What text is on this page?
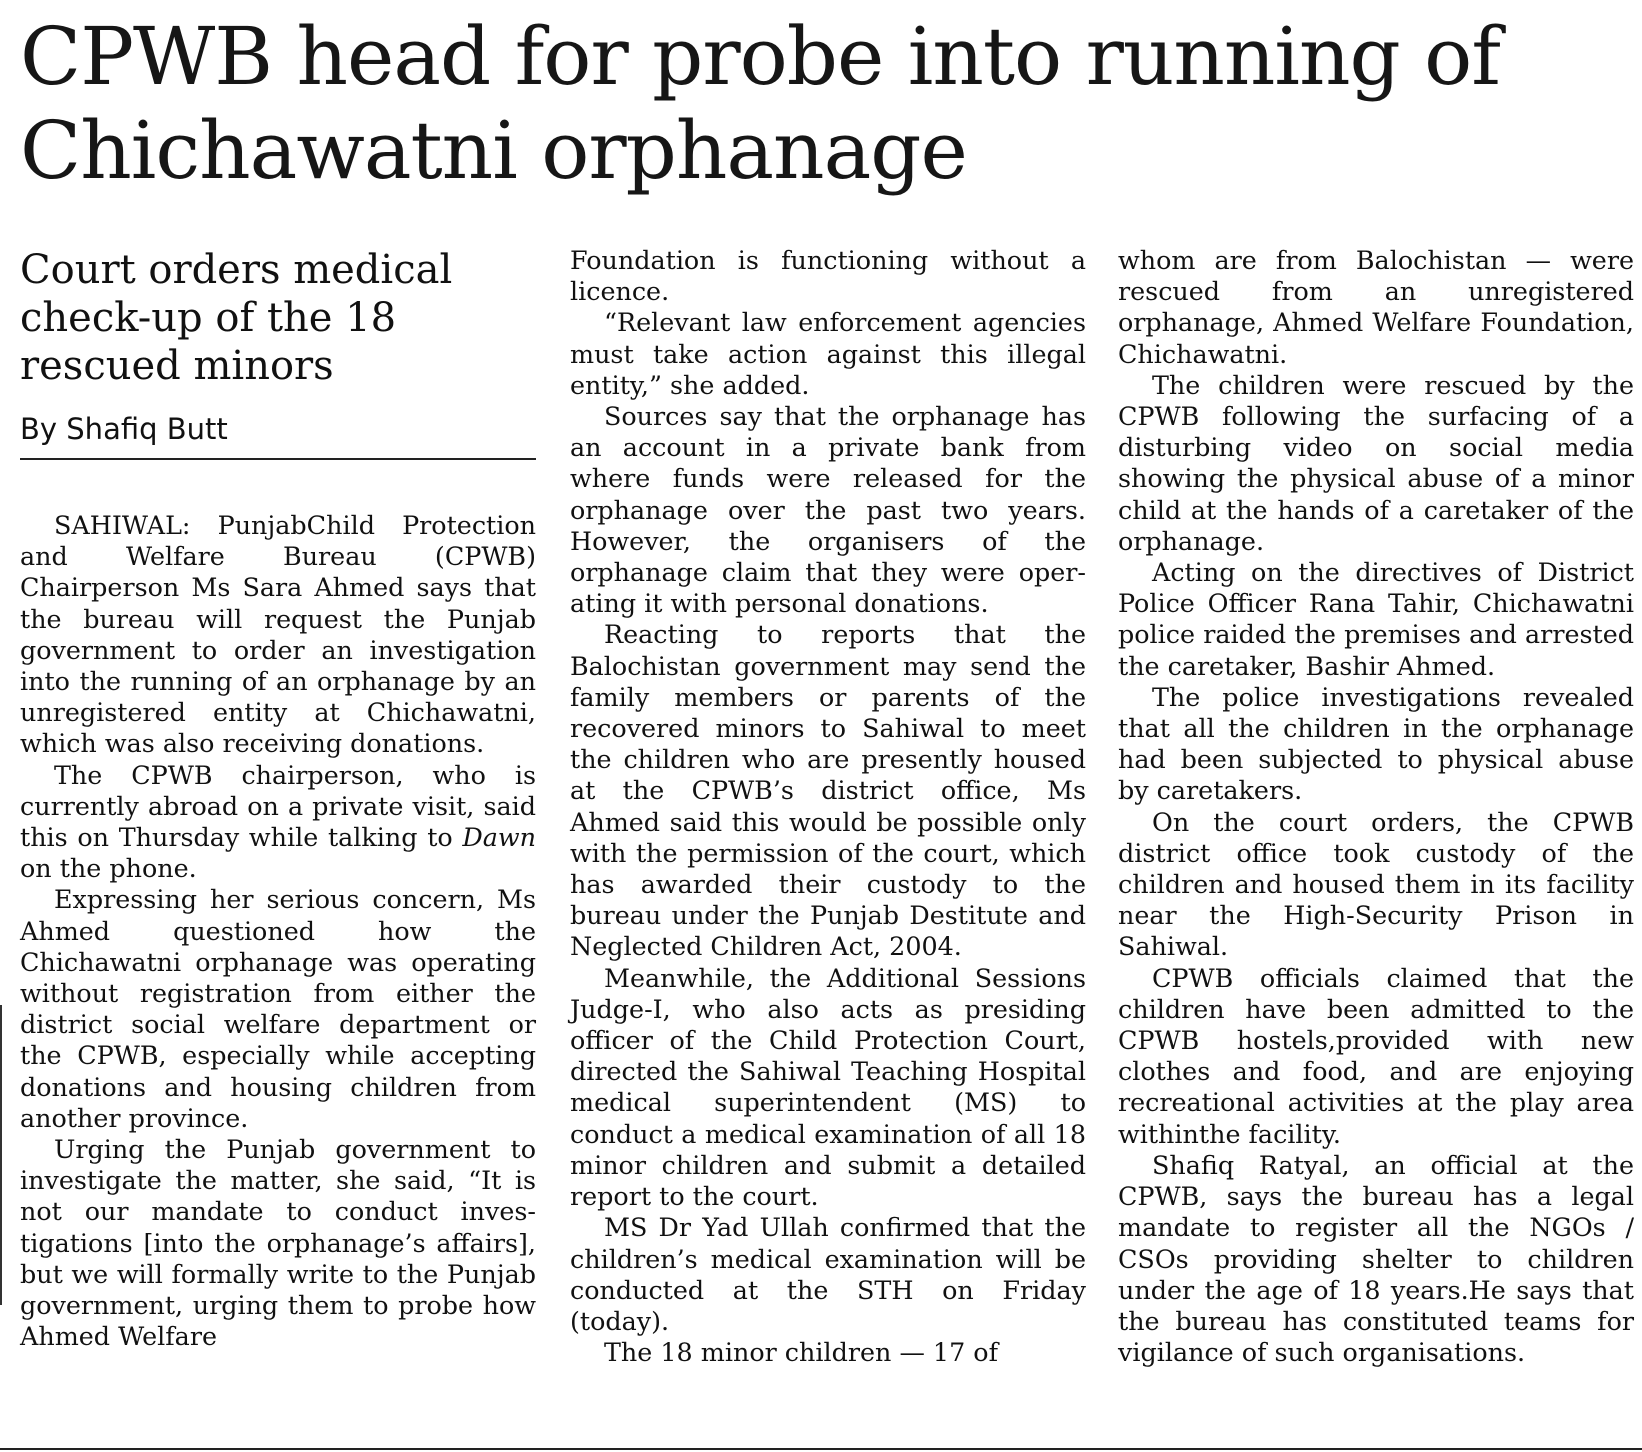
CPWB head for probe into running of Chichawatni orphanage
Court orders medical check-up of the 18 rescued minors

By Shafiq Butt

SAHIWAL: PunjabChild Protection and Welfare Bureau (CPWB) Chairperson Ms Sara Ahmed says that the bureau will request the Punjab government to order an investigation into the running of an orphanage by an unregistered entity at Chichawatni, which was also receiving donations.

The CPWB chairperson, who is currently abroad on a private visit, said this on Thursday while talking to Dawn on the phone.

Expressing her serious concern, Ms Ahmed questioned how the Chichawatni orphanage was operating without registration from either the district social welfare department or the CPWB, especially while accepting donations and housing children from another province.

Urging the Punjab government to investigate the matter, she said, “It is not our mandate to conduct investigations [into the orphanage’s affairs], but we will formally write to the Punjab government, urging them to probe how Ahmed Welfare

Foundation is functioning without a licence.

“Relevant law enforcement agencies must take action against this illegal entity,” she added.

Sources say that the orphanage has an account in a private bank from where funds were released for the orphanage over the past two years. However, the organisers of the orphanage claim that they were operating it with personal donations.

Reacting to reports that the Balochistan government may send the family members or parents of the recovered minors to Sahiwal to meet the children who are presently housed at the CPWB’s district office, Ms Ahmed said this would be possible only with the permission of the court, which has awarded their custody to the bureau under the Punjab Destitute and Neglected Children Act, 2004.

Meanwhile, the Additional Sessions Judge-I, who also acts as presiding officer of the Child Protection Court, directed the Sahiwal Teaching Hospital medical superintendent (MS) to conduct a medical examination of all 18 minor children and submit a detailed report to the court.

MS Dr Yad Ullah confirmed that the children’s medical examination will be conducted at the STH on Friday (today).

The 18 minor children — 17 of

whom are from Balochistan — were rescued from an unregistered orphanage, Ahmed Welfare Foundation, Chichawatni.

The children were rescued by the CPWB following the surfacing of a disturbing video on social media showing the physical abuse of a minor child at the hands of a caretaker of the orphanage.

Acting on the directives of District Police Officer Rana Tahir, Chichawatni police raided the premises and arrested the caretaker, Bashir Ahmed.

The police investigations revealed that all the children in the orphanage had been subjected to physical abuse by caretakers.

On the court orders, the CPWB district office took custody of the children and housed them in its facility near the High-Security Prison in Sahiwal.

CPWB officials claimed that the children have been admitted to the CPWB hostels,provided with new clothes and food, and are enjoying recreational activities at the play area withinthe facility.

Shafiq Ratyal, an official at the CPWB, says the bureau has a legal mandate to register all the NGOs / CSOs providing shelter to children under the age of 18 years.He says that the bureau has constituted teams for vigilance of such organisations.
